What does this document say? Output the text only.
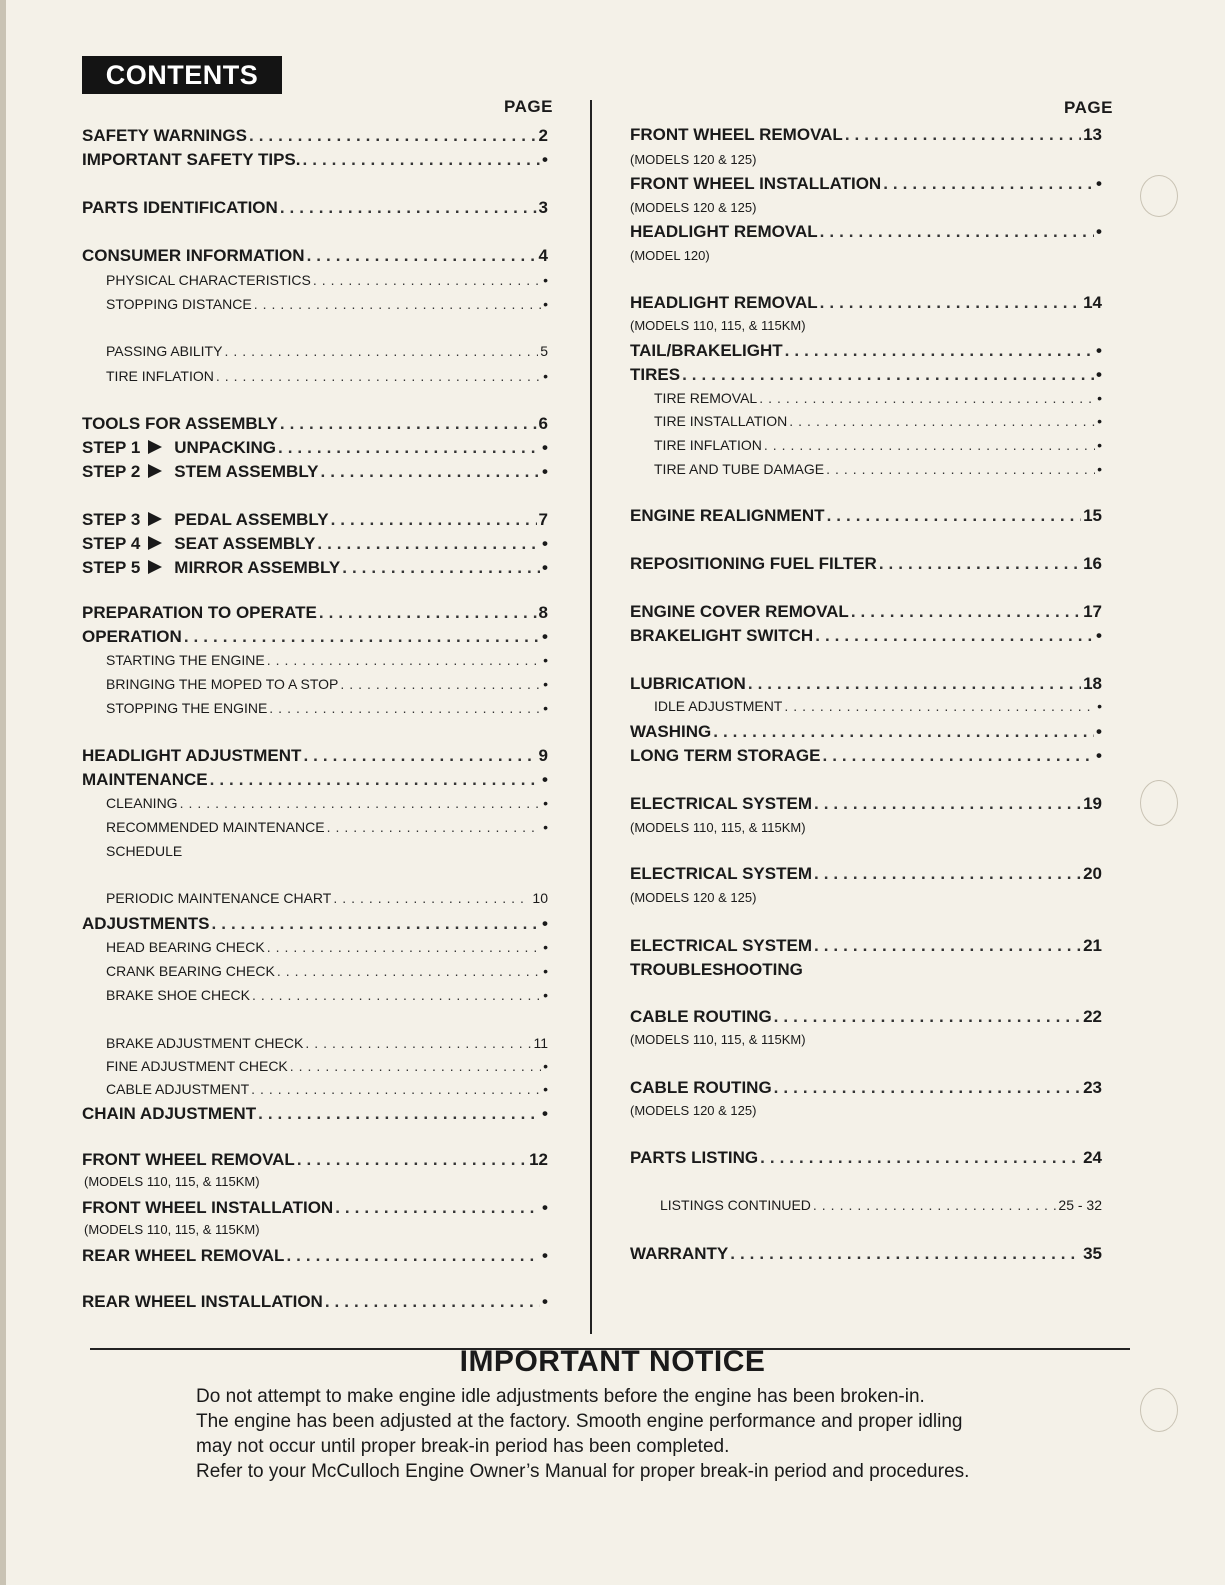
CONTENTS
PAGE	PAGE
SAFETY WARNINGS .....	2
IMPORTANT SAFETY TIPS. .....	•
PARTS IDENTIFICATION .....	3
CONSUMER INFORMATION .....	4
PHYSICAL CHARACTERISTICS .....	•
STOPPING DISTANCE .....	•
PASSING ABILITY .....	5
TIRE INFLATION .....	•
TOOLS FOR ASSEMBLY .....	6
STEP 1 UNPACKING .....	•
STEP 2 STEM ASSEMBLY .....	•
STEP 3 PEDAL ASSEMBLY .....	7
STEP 4 SEAT ASSEMBLY .....	•
STEP 5 MIRROR ASSEMBLY .....	•
PREPARATION TO OPERATE .....	8
OPERATION .....	•
STARTING THE ENGINE .....	•
BRINGING THE MOPED TO A STOP .....	•
STOPPING THE ENGINE .....	•
HEADLIGHT ADJUSTMENT .....	9
MAINTENANCE .....	•
CLEANING .....	•
RECOMMENDED MAINTENANCE .....	•
SCHEDULE
PERIODIC MAINTENANCE CHART .....	10
ADJUSTMENTS .....	•
HEAD BEARING CHECK .....	•
CRANK BEARING CHECK .....	•
BRAKE SHOE CHECK .....	•
BRAKE ADJUSTMENT CHECK .....	11
FINE ADJUSTMENT CHECK .....	•
CABLE ADJUSTMENT .....	•
CHAIN ADJUSTMENT .....	•
FRONT WHEEL REMOVAL .....	12
(MODELS 110, 115, & 115KM)
FRONT WHEEL INSTALLATION .....	•
(MODELS 110, 115, & 115KM)
REAR WHEEL REMOVAL .....	•
REAR WHEEL INSTALLATION .....	•
FRONT WHEEL REMOVAL .....	13
(MODELS 120 & 125)
FRONT WHEEL INSTALLATION .....	•
(MODELS 120 & 125)
HEADLIGHT REMOVAL .....	•
(MODEL 120)
HEADLIGHT REMOVAL .....	14
(MODELS 110, 115, & 115KM)
TAIL/BRAKELIGHT .....	•
TIRES .....	•
TIRE REMOVAL .....	•
TIRE INSTALLATION .....	•
TIRE INFLATION .....	•
TIRE AND TUBE DAMAGE .....	•
ENGINE REALIGNMENT .....	15
REPOSITIONING FUEL FILTER .....	16
ENGINE COVER REMOVAL .....	17
BRAKELIGHT SWITCH .....	•
LUBRICATION .....	18
IDLE ADJUSTMENT .....	•
WASHING .....	•
LONG TERM STORAGE .....	•
ELECTRICAL SYSTEM .....	19
(MODELS 110, 115, & 115KM)
ELECTRICAL SYSTEM .....	20
(MODELS 120 & 125)
ELECTRICAL SYSTEM .....	21
TROUBLESHOOTING
CABLE ROUTING .....	22
(MODELS 110, 115, & 115KM)
CABLE ROUTING .....	23
(MODELS 120 & 125)
PARTS LISTING .....	24
LISTINGS CONTINUED .....	25 - 32
WARRANTY .....	35
IMPORTANT NOTICE

Do not attempt to make engine idle adjustments before the engine has been broken-in.

The engine has been adjusted at the factory. Smooth engine performance and proper idling may not occur until proper break-in period has been completed.

Refer to your McCulloch Engine Owner’s Manual for proper break-in period and procedures.
